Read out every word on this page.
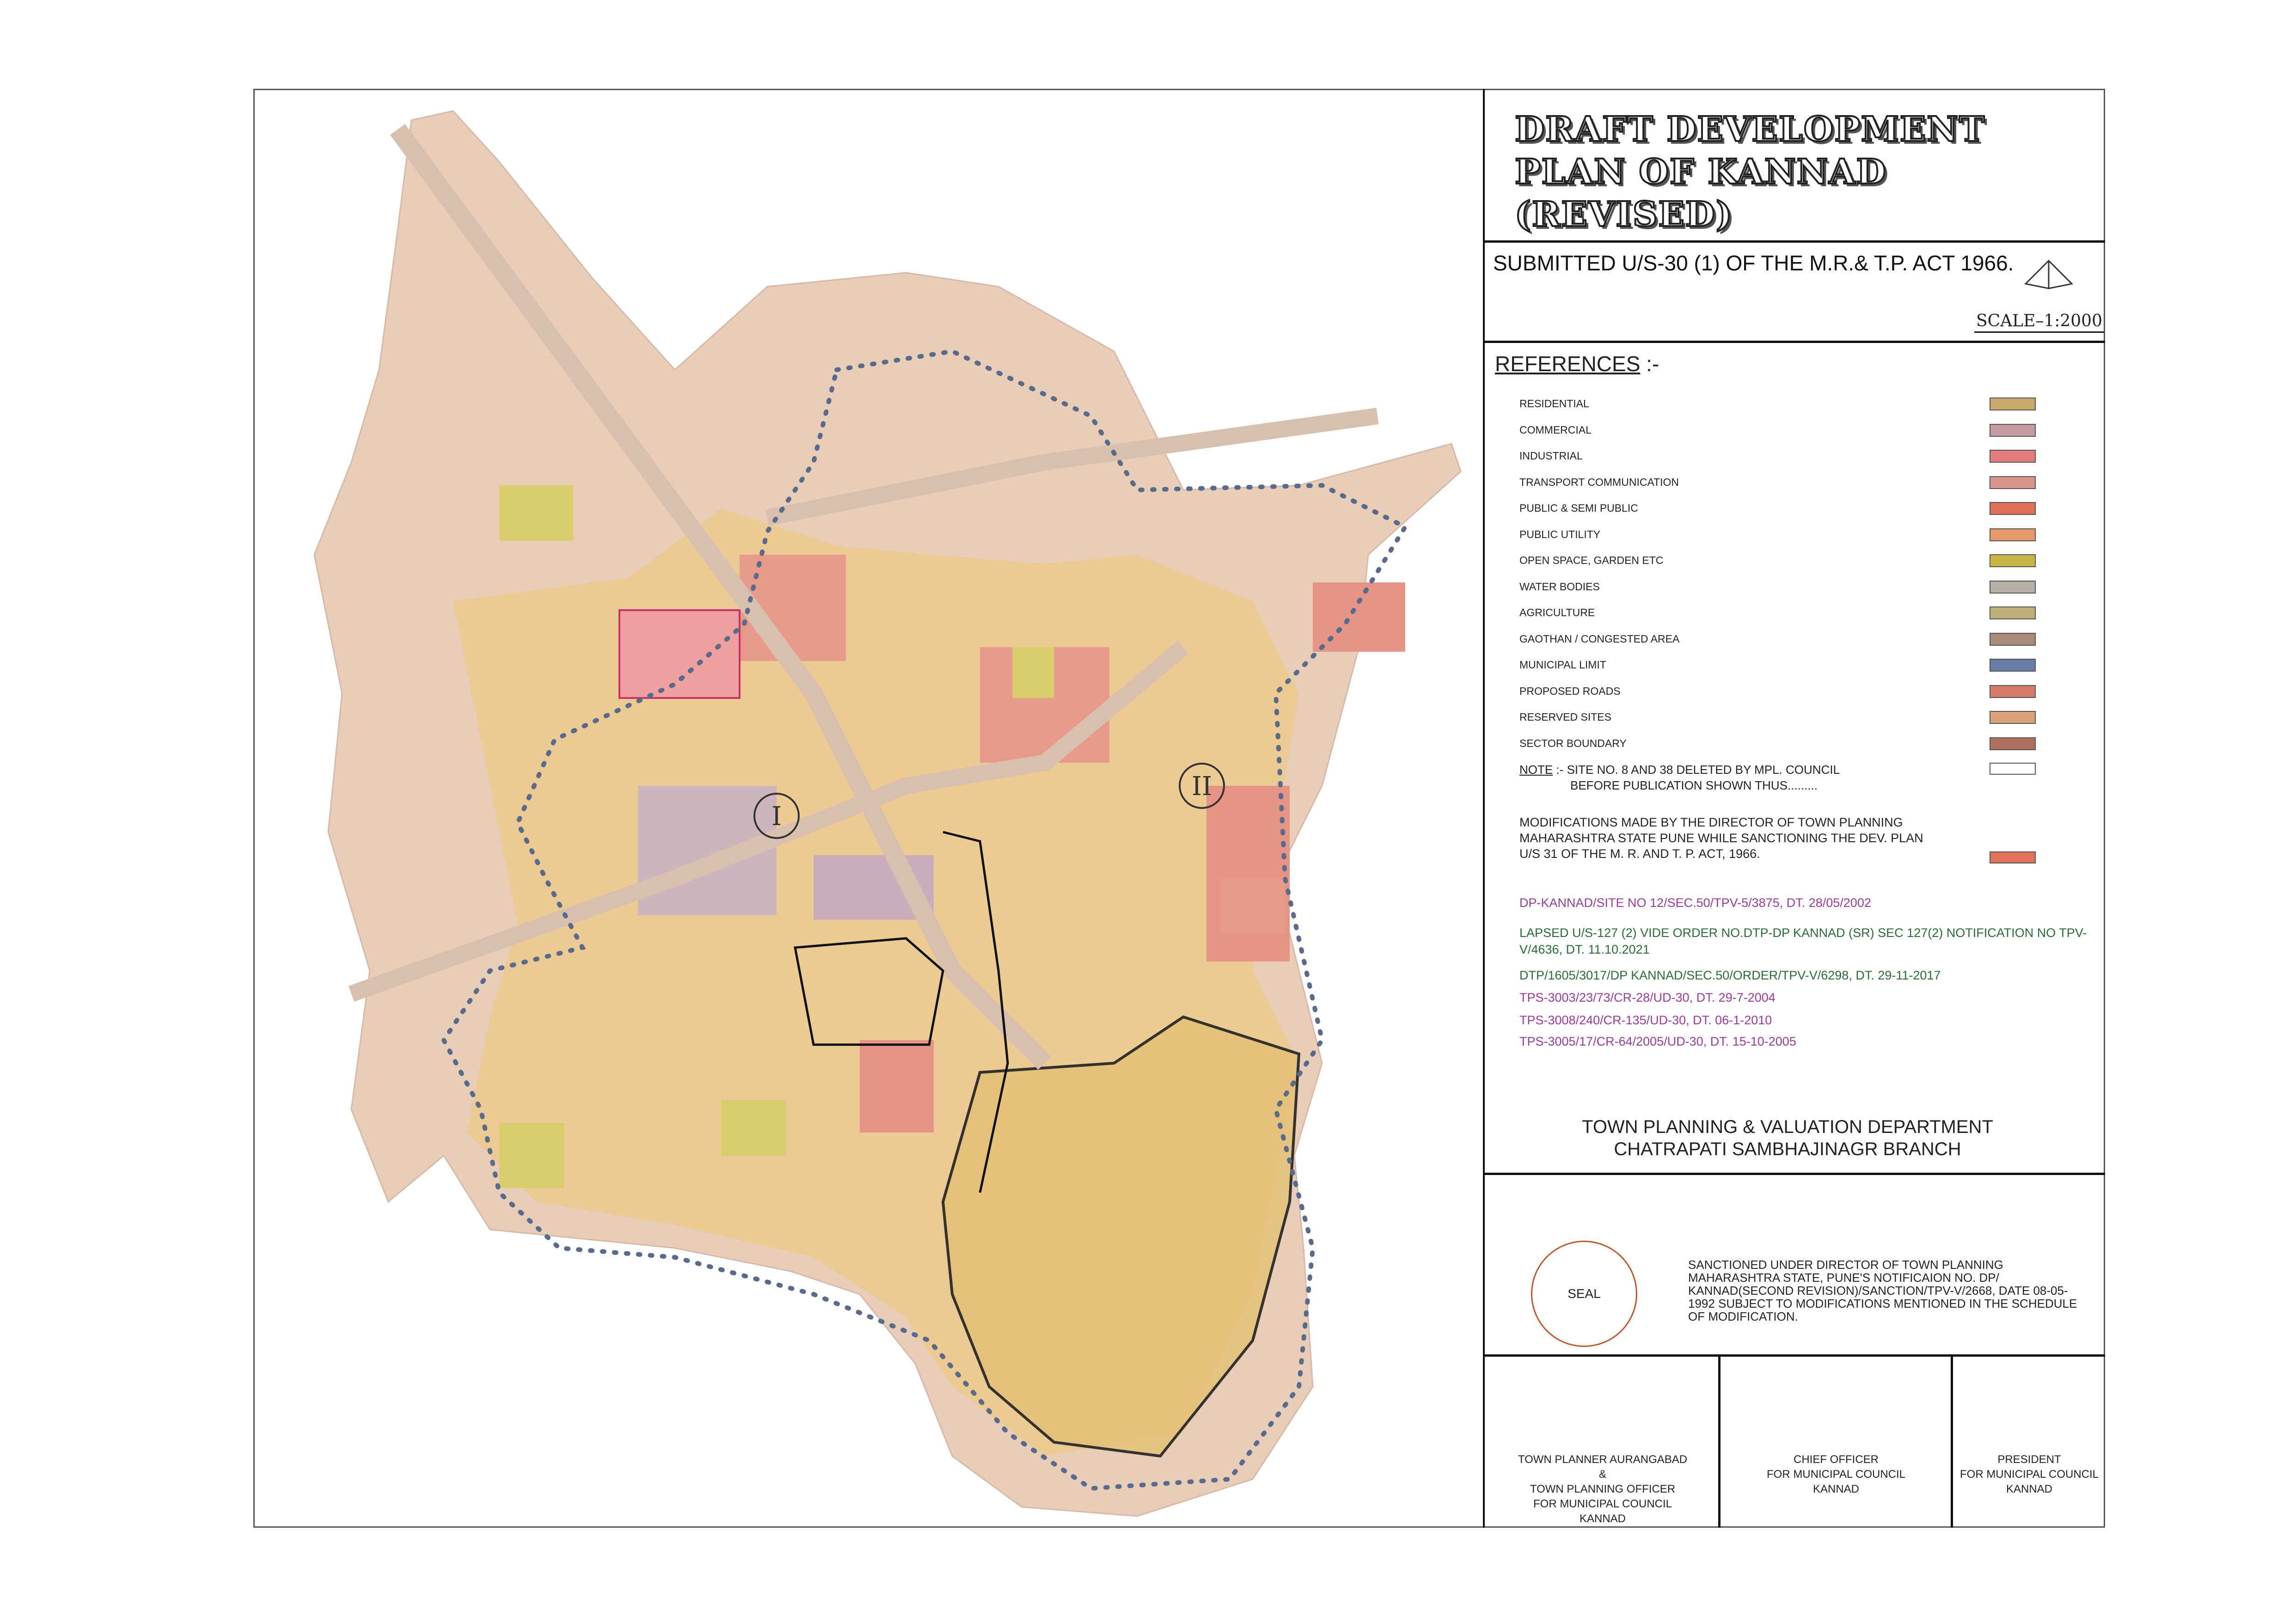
I
II
DRAFT DEVELOPMENT
PLAN OF KANNAD
(REVISED)
SUBMITTED U/S-30 (1) OF THE M.R.& T.P. ACT 1966.
SCALE–1:2000
REFERENCES :-
RESIDENTIAL
COMMERCIAL
INDUSTRIAL
TRANSPORT COMMUNICATION
PUBLIC & SEMI PUBLIC
PUBLIC UTILITY
OPEN SPACE, GARDEN ETC
WATER BODIES
AGRICULTURE
GAOTHAN / CONGESTED AREA
MUNICIPAL LIMIT
PROPOSED ROADS
RESERVED SITES
SECTOR BOUNDARY
NOTE :- SITE NO. 8 AND 38 DELETED BY MPL. COUNCIL
BEFORE PUBLICATION SHOWN THUS.........
MODIFICATIONS MADE BY THE DIRECTOR OF TOWN PLANNING MAHARASHTRA STATE PUNE WHILE SANCTIONING THE DEV. PLAN U/S 31 OF THE M. R. AND T. P. ACT, 1966.
DP-KANNAD/SITE NO 12/SEC.50/TPV-5/3875, DT. 28/05/2002
LAPSED U/S-127 (2) VIDE ORDER NO.DTP-DP KANNAD (SR) SEC 127(2) NOTIFICATION NO TPV-V/4636, DT. 11.10.2021
DTP/1605/3017/DP KANNAD/SEC.50/ORDER/TPV-V/6298, DT. 29-11-2017
TPS-3003/23/73/CR-28/UD-30, DT. 29-7-2004
TPS-3008/240/CR-135/UD-30, DT. 06-1-2010
TPS-3005/17/CR-64/2005/UD-30, DT. 15-10-2005
TOWN PLANNING & VALUATION DEPARTMENT
CHATRAPATI SAMBHAJINAGR BRANCH
SEAL
SANCTIONED UNDER DIRECTOR OF TOWN PLANNING MAHARASHTRA STATE, PUNE'S NOTIFICAION NO. DP/ KANNAD(SECOND REVISION)/SANCTION/TPV-V/2668, DATE 08-05-1992 SUBJECT TO MODIFICATIONS MENTIONED IN THE SCHEDULE OF MODIFICATION.
TOWN PLANNER AURANGABAD
&
TOWN PLANNING OFFICER
FOR MUNICIPAL COUNCIL
KANNAD
CHIEF OFFICER
FOR MUNICIPAL COUNCIL
KANNAD
PRESIDENT
FOR MUNICIPAL COUNCIL
KANNAD
